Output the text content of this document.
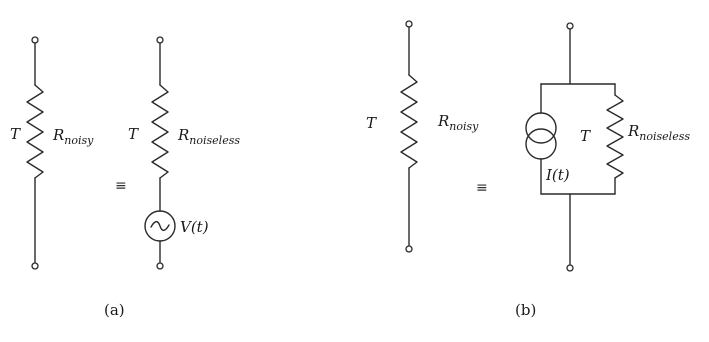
T $R_{noisy}$
≡
T	$R_{noiseless}$
V(t)
(a)
T	$R_{noisy}$
≡
T	$R_{noiseless}$
I(t)
(b)
